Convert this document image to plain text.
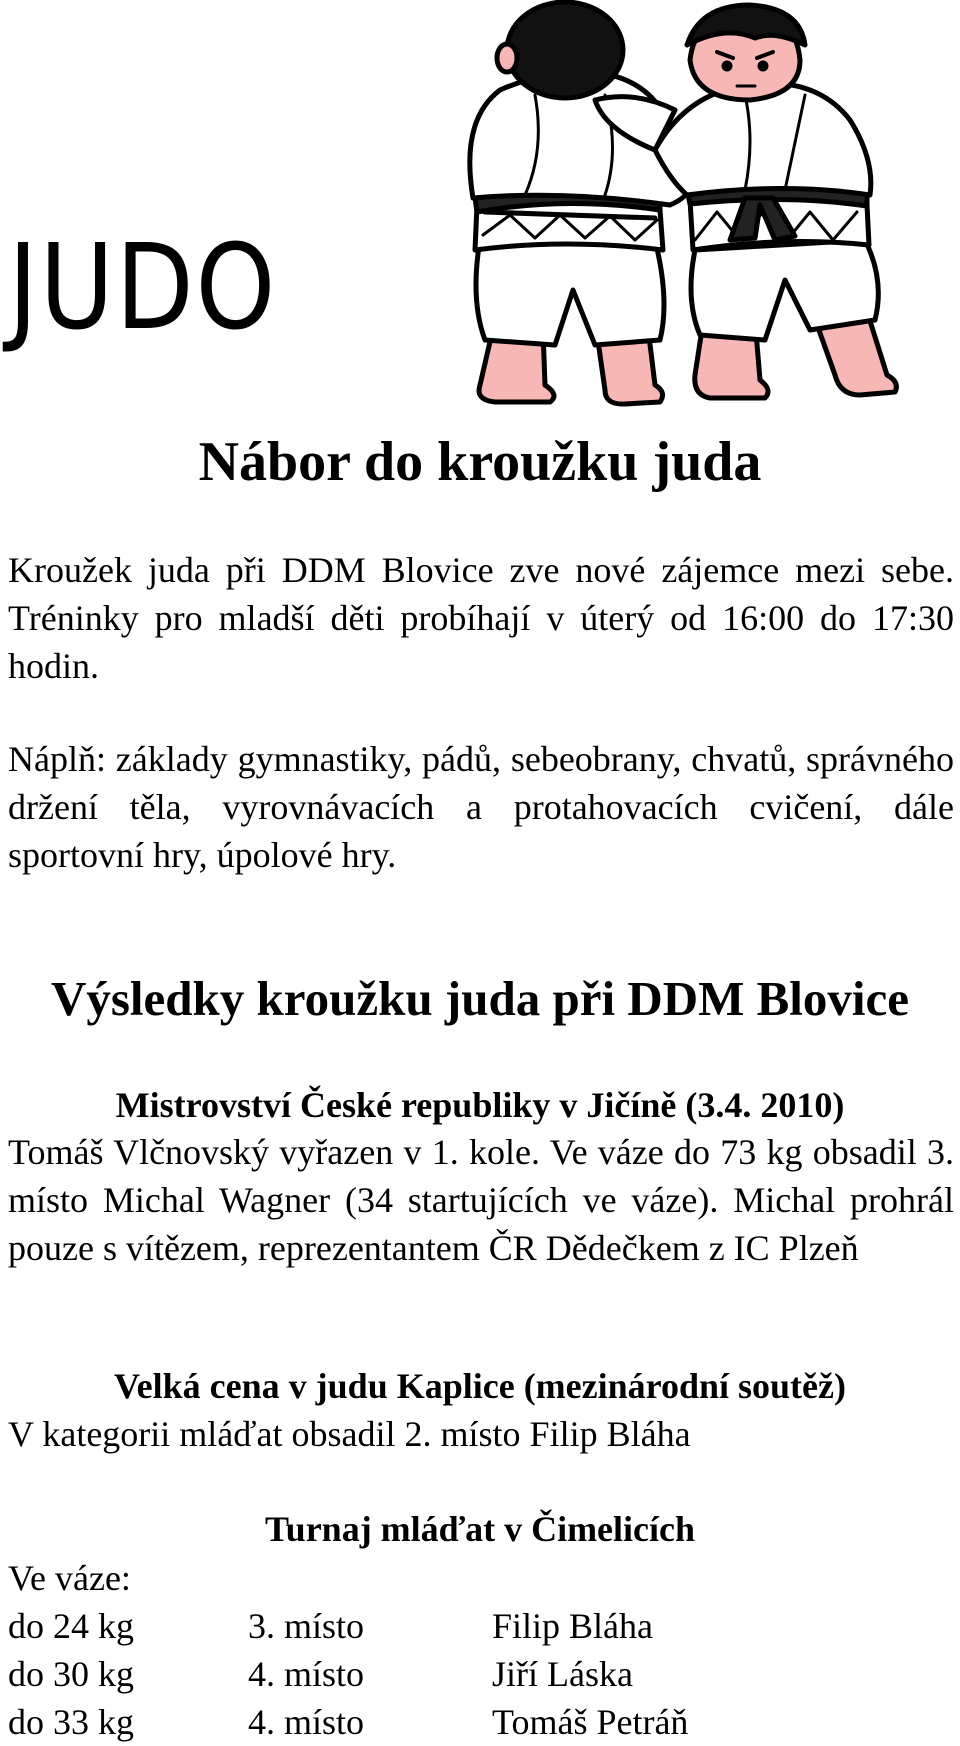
JUDO
Nábor do kroužku juda

Kroužek juda při DDM Blovice zve nové zájemce mezi sebe. Tréninky pro mladší děti probíhají v úterý od 16:00 do 17:30 hodin.

Náplň: základy gymnastiky, pádů, sebeobrany, chvatů, správného držení těla, vyrovnávacích a protahovacích cvičení, dále sportovní hry, úpolové hry.

Výsledky kroužku juda při DDM Blovice
Mistrovství České republiky v Jičíně (3.4. 2010)

Tomáš Vlčnovský vyřazen v 1. kole. Ve váze do 73 kg obsadil 3. místo Michal Wagner (34 startujících ve váze). Michal prohrál pouze s vítězem, reprezentantem ČR Dědečkem z IC Plzeň

Velká cena v judu Kaplice (mezinárodní soutěž)

V kategorii mláďat obsadil 2. místo Filip Bláha

Turnaj mláďat v Čimelicích

Ve váze:

do 24 kg	3. místo	Filip Bláha
do 30 kg	4. místo	Jiří Láska
do 33 kg	4. místo	Tomáš Petráň
